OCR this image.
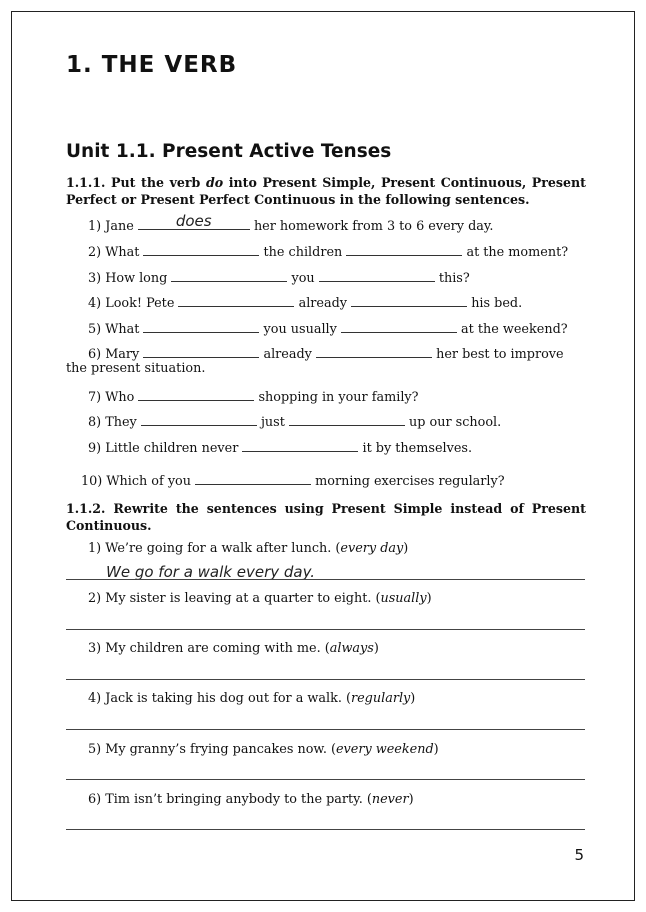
1. THE VERB
Unit 1.1. Present Active Tenses
1.1.1. Put the verb do into Present Simple, Present Continuous, Present Perfect or Present Perfect Continuous in the following sentences.
1) Jane	does	her homework from 3 to 6 every day.
2) What	the children	at the moment?
3) How long	you	this?
4) Look! Pete	already	his bed.
5) What	you usually	at the weekend?
6) Mary	already	her best to improve
the present situation.
7) Who	shopping in your family?
8) They	just	up our school.
9) Little children never	it by themselves.
10) Which of you	morning exercises regularly?
1.1.2. Rewrite the sentences using Present Simple instead of Present Continuous.
1) We’re going for a walk after lunch. (every day)
We go for a walk every day.
2) My sister is leaving at a quarter to eight. (usually)
3) My children are coming with me. (always)
4) Jack is taking his dog out for a walk. (regularly)
5) My granny’s frying pancakes now. (every weekend)
6) Tim isn’t bringing anybody to the party. (never)
5
